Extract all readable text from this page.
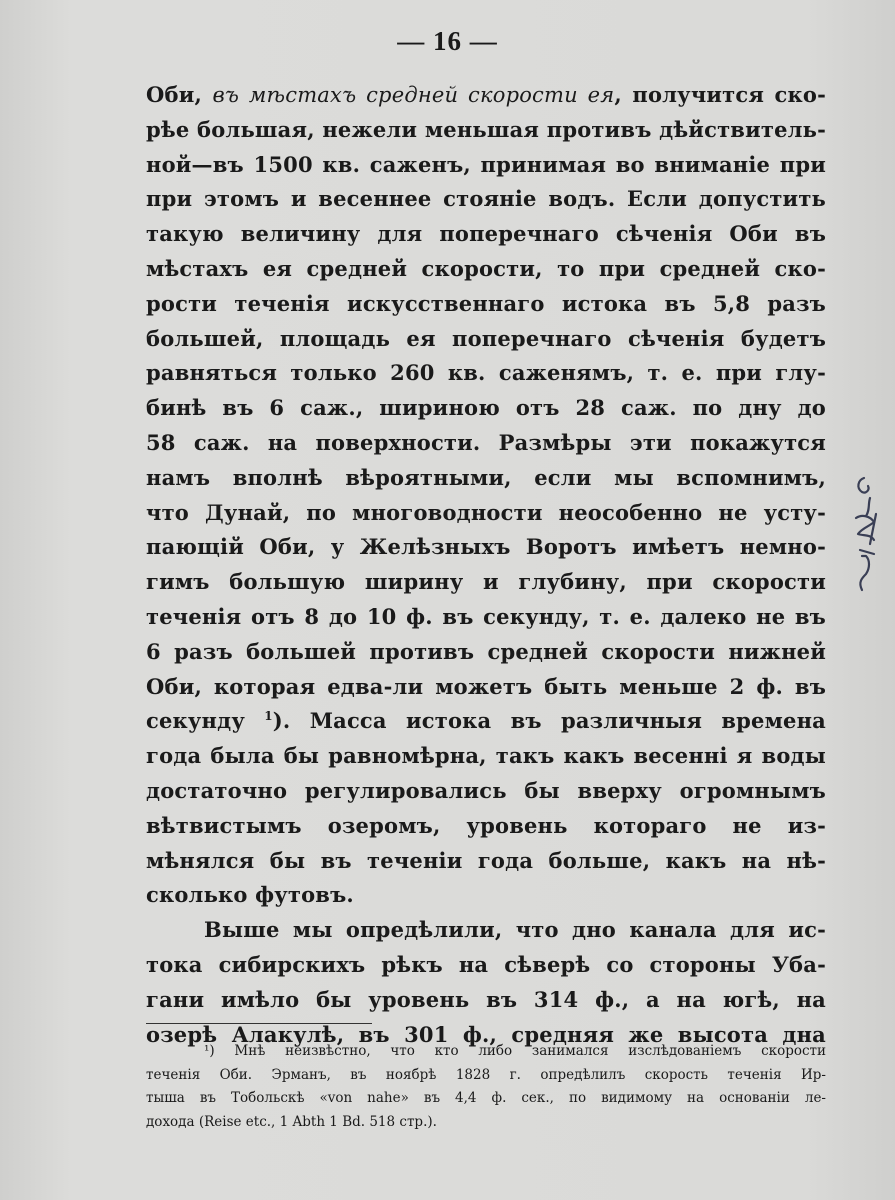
— 16 —
Оби, въ мѣстахъ средней скорости ея, получится ско-
рѣе большая, нежели меньшая противъ дѣйствитель-
ной—въ 1500 кв. саженъ, принимая во вниманіе при
при этомъ и весеннее стояніе водъ. Если допустить
такую величину для поперечнаго сѣченія Оби въ
мѣстахъ ея средней скорости, то при средней ско-
рости теченія искусственнаго истока въ 5,8 разъ
большей, площадь ея поперечнаго сѣченія будетъ
равняться только 260 кв. саженямъ, т. е. при глу-
бинѣ въ 6 саж., шириною отъ 28 саж. по дну до
58 саж. на поверхности. Размѣры эти покажутся
намъ вполнѣ вѣроятными, если мы вспомнимъ,
что Дунай, по многоводности неособенно не усту-
пающій Оби, у Желѣзныхъ Воротъ имѣетъ немно-
гимъ большую ширину и глубину, при скорости
теченія отъ 8 до 10 ф. въ секунду, т. е. далеко не въ
6 разъ большей противъ средней скорости нижней
Оби, которая едва-ли можетъ быть меньше 2 ф. въ
секунду $^1$). Масса истока въ различныя времена
года была бы равномѣрна, такъ какъ весенні я воды
достаточно регулировались бы вверху огромнымъ
вѣтвистымъ озеромъ, уровень котораго не из-
мѣнялся бы въ теченіи года больше, какъ на нѣ-
сколько футовъ.
Выше мы опредѣлили, что дно канала для ис-
тока сибирскихъ рѣкъ на сѣверѣ со стороны Уба-
гани имѣло бы уровень въ 314 ф., а на югѣ, на
озерѣ Алакулѣ, въ 301 ф., средняя же высота дна
¹) Мнѣ неизвѣстно, что кто либо занимался изслѣдованіемъ скорости
теченія Оби. Эрманъ, въ ноябрѣ 1828 г. опредѣлилъ скорость теченія Ир-
тыша въ Тобольскѣ «von nahe» въ 4,4 ф. сек., по видимому на основаніи ле-
дохода (Reise etc., 1 Abth 1 Bd. 518 стр.).
